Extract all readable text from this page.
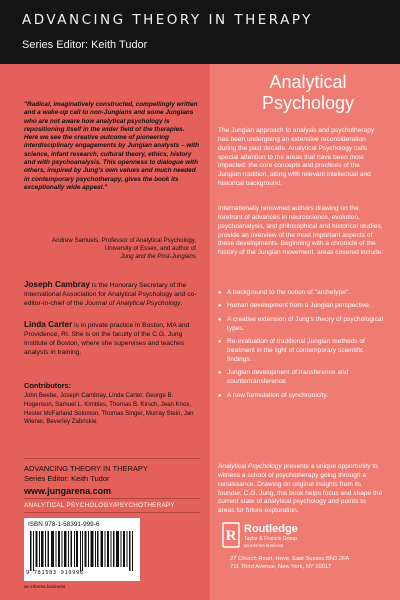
ADVANCING THEORY IN THERAPY
Series Editor: Keith Tudor
Analytical
Psychology

"Radical, imaginatively constructed, compellingly written and a wake-up call to non-Jungians and some Jungians who are not aware how analytical psychology is repositioning itself in the wider field of the therapies. Here we see the creative outcome of pioneering interdisciplinary engagements by Jungian analysts – with science, infant research, cultural theory, ethics, history and with psychoanalysis. This openness to dialogue with others, inspired by Jung's own values and much needed in contemporary psychotherapy, gives the book its exceptionally wide appeal."

Andrew Samuels, Professor of Analytical Psychology,
University of Essex, and author of
Jung and the Post-Jungians

Joseph Cambray is the Honorary Secretary of the International Association for Analytical Psychology and co-editor-in-chief of the Journal of Analytical Psychology.

Linda Carter is in private practice in Boston, MA and Providence, RI. She is on the faculty of the C.G. Jung Institute of Boston, where she supervises and teaches analysts in training.

Contributors:

John Beebe, Joseph Cambray, Linda Carter, George B. Hogenson, Samuel L. Kimbles, Thomas B. Kirsch, Jean Knox, Hester McFarland Solomon, Thomas Singer, Murray Stein, Jan Wiener, Beverley Zabriskie.

ADVANCING THEORY IN THERAPY
Series Editor: Keith Tudor
www.jungarena.com
ANALYTICAL PSYCHOLOGY/PSYCHOTHERAPY
ISBN 978-1-58391-999-6
9 781583 919996
an informa business

The Jungian approach to analysis and psychotherapy has been undergoing an extensive reconsideration during the past decade. Analytical Psychology calls special attention to the areas that have been most impacted: the core concepts and practices of the Jungian tradition, along with relevant intellectual and historical background.

Internationally renowned authors drawing on the forefront of advances in neuroscience, evolution, psychoanalysis, and philosophical and historical studies, provide an overview of the most important aspects of these developments. Beginning with a chronicle of the history of the Jungian movement, areas covered include:

● A background to the notion of "archetype".
● Human development from a Jungian perspective.
● A creative extension of Jung's theory of psychological types.
● Re-evaluation of traditional Jungian methods of treatment in the light of contemporary scientific findings.
● Jungian development of transference and countertransference.
● A new formulation of synchronicity.

Analytical Psychology presents a unique opportunity to witness a school of psychotherapy going through a renaissance. Drawing on original insights from its founder, C.G. Jung, this book helps focus and shape the current state of analytical psychology and points to areas for future exploration.

R Routledge
Taylor & Francis Group
an informa business
27 Church Road, Hove, East Sussex BN3 2FA
711 Third Avenue, New York, NY 10017
